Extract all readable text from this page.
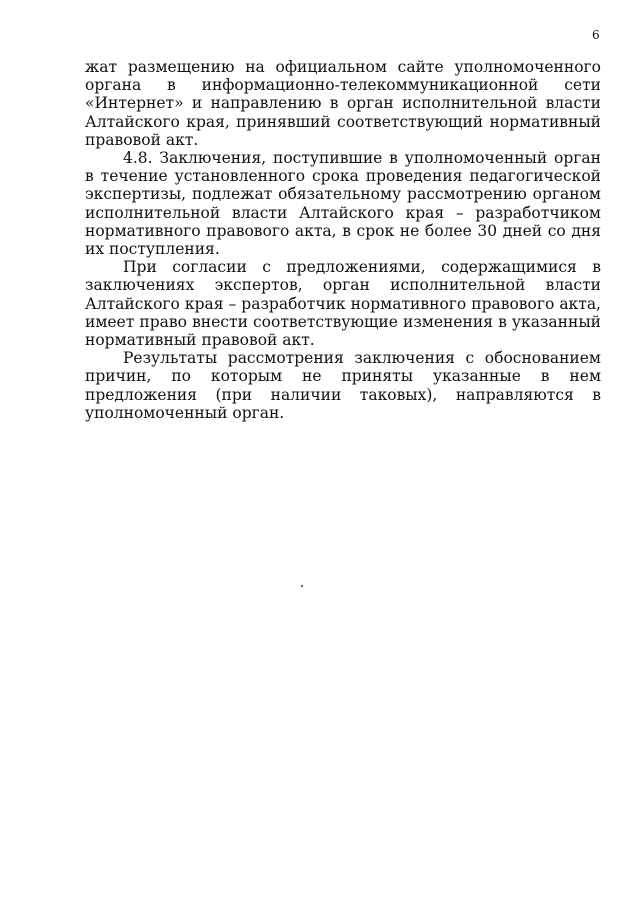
6

жат размещению на официальном сайте уполномоченного органа в информационно-телекоммуникационной сети «Интернет» и направлению в орган исполнительной власти Алтайского края, принявший соответствующий нормативный правовой акт.

4.8. Заключения, поступившие в уполномоченный орган в течение установленного срока проведения педагогической экспертизы, подлежат обязательному рассмотрению органом исполнительной власти Алтайского края – разработчиком нормативного правового акта, в срок не более 30 дней со дня их поступления.

При согласии с предложениями, содержащимися в заключениях экспертов, орган исполнительной власти Алтайского края – разработчик нормативного правового акта, имеет право внести соответствующие изменения в указанный нормативный правовой акт.

Результаты рассмотрения заключения с обоснованием причин, по которым не приняты указанные в нем предложения (при наличии таковых), направляются в уполномоченный орган.
